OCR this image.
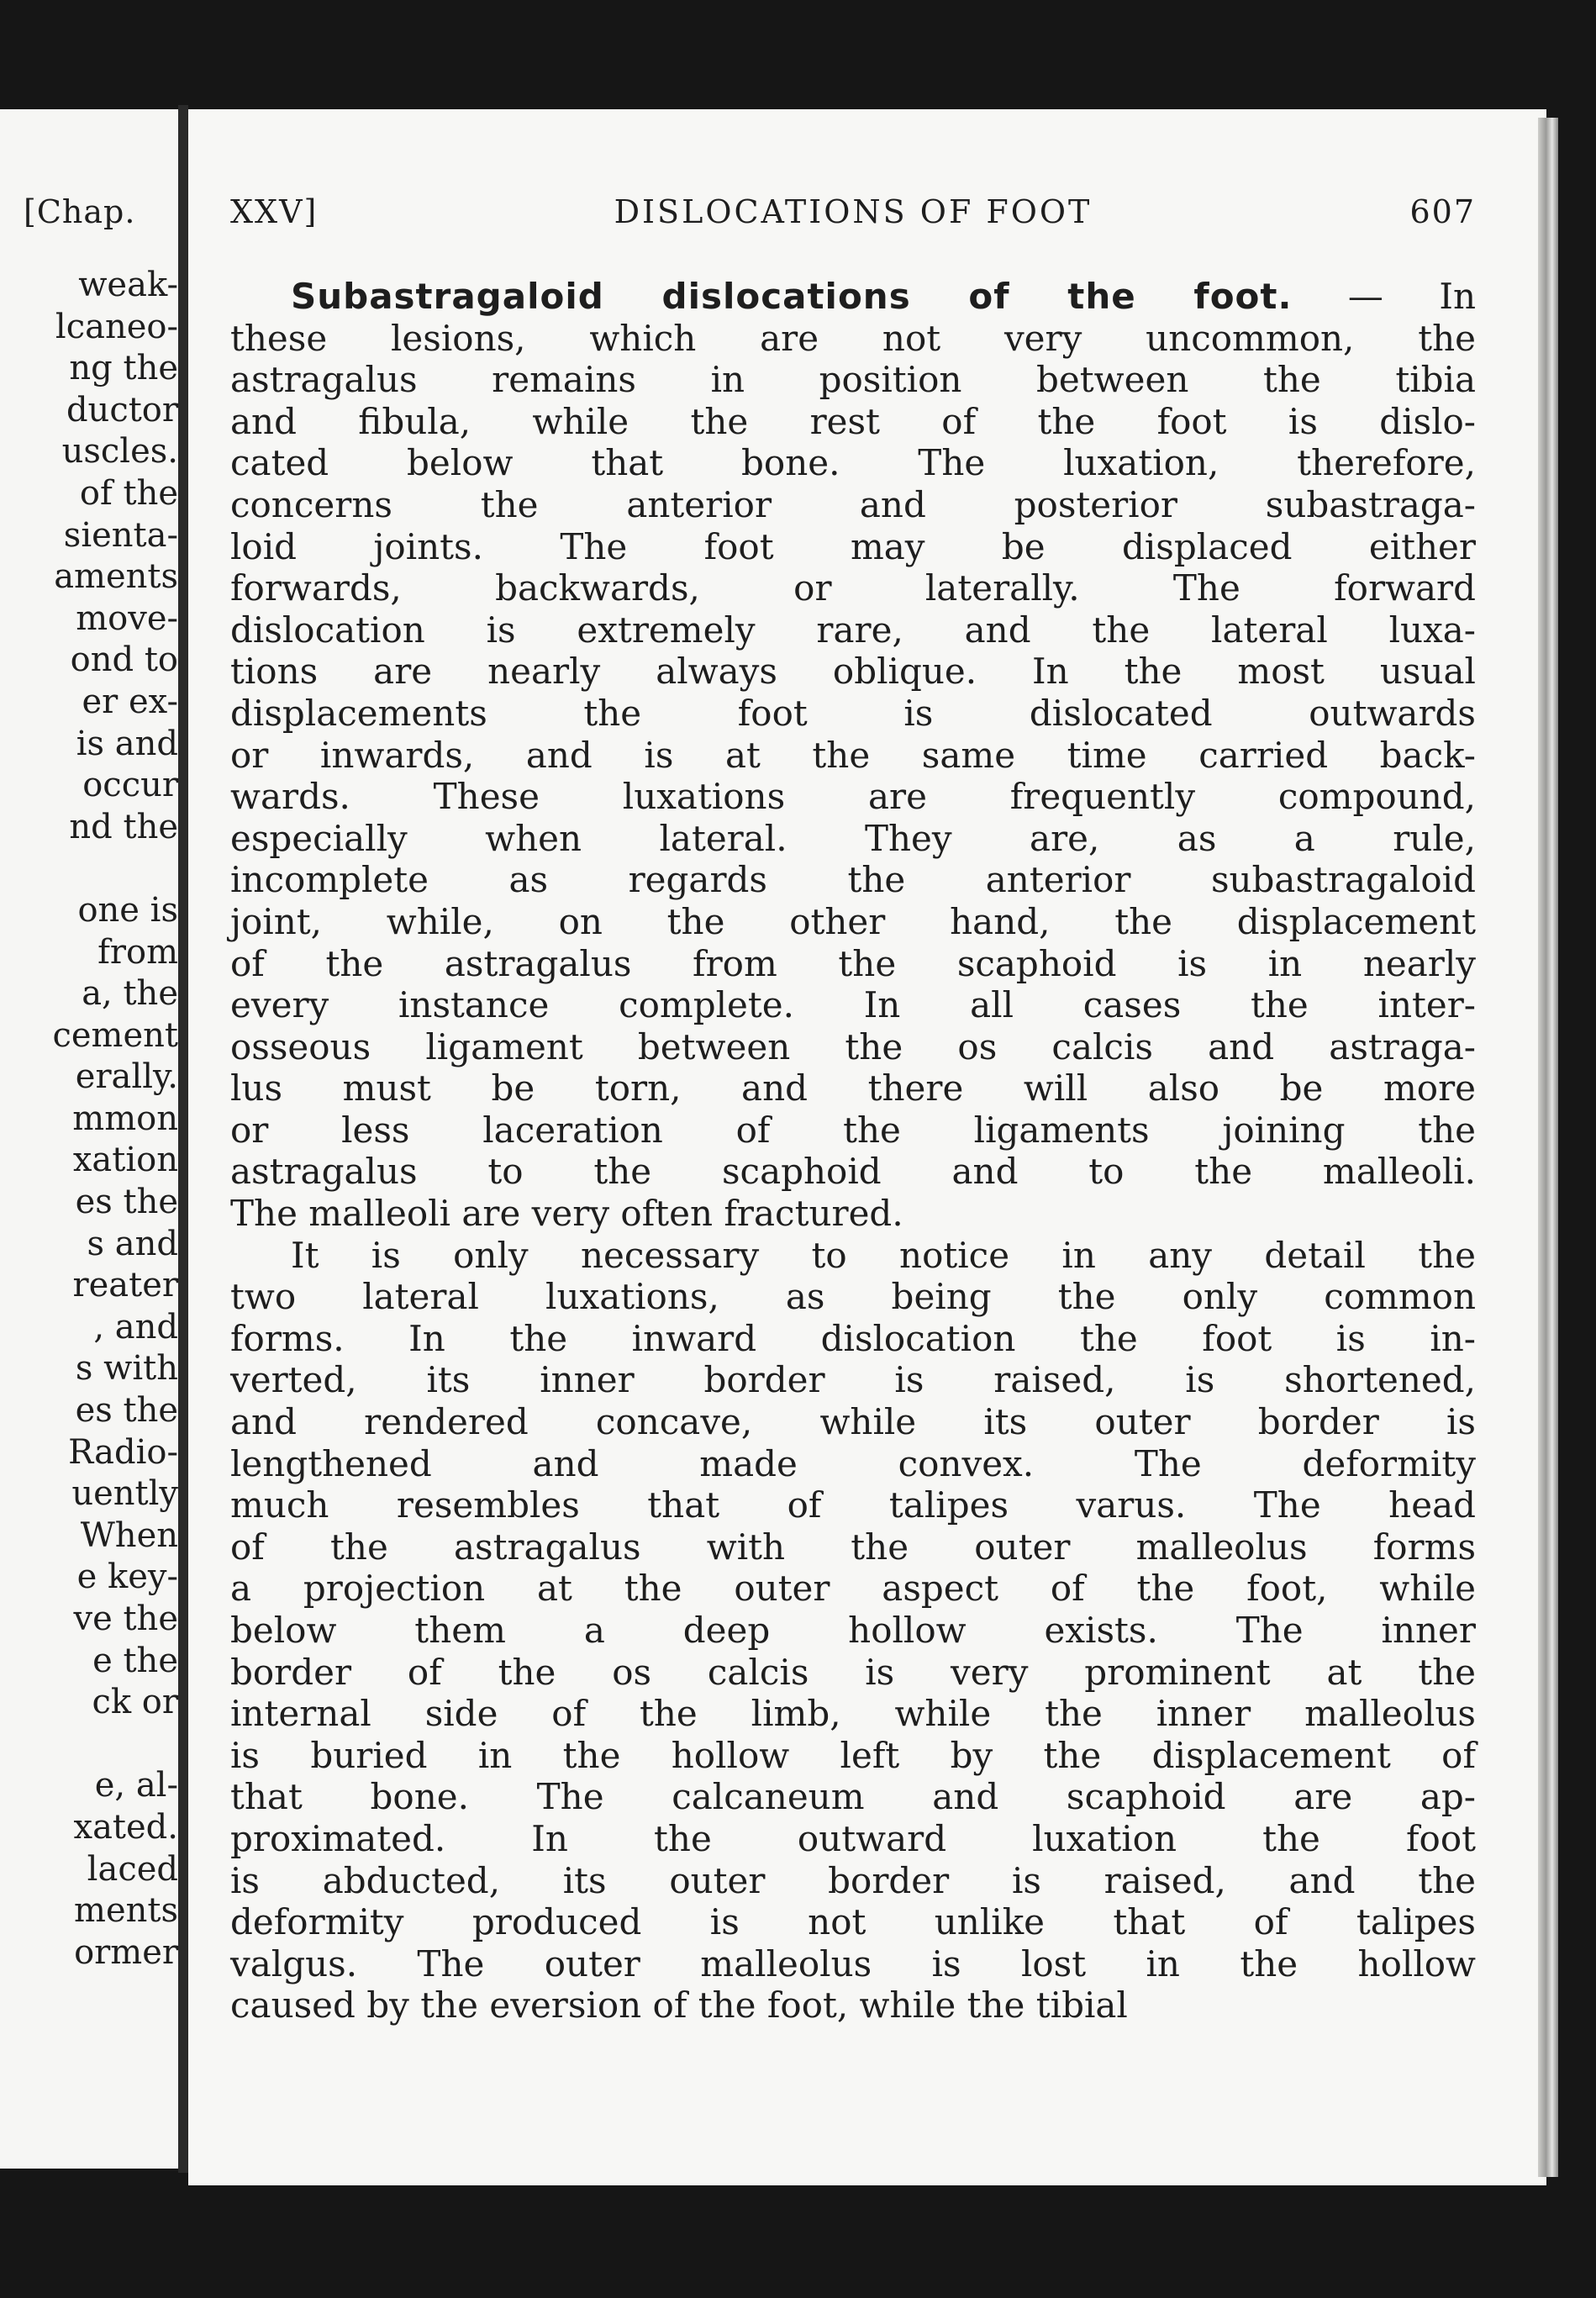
[Chap.
weak-
lcaneo-
ng the
ductor
uscles.
of the
sienta-
aments
move-
ond to
er ex-
is and
occur
nd the
one is
from
a, the
cement
erally.
mmon
xation
es the
s and
reater
, and
s with
es the
Radio-
uently
When
e key-
ve the
e the
ck or
e, al-
xated.
laced
ments
ormer
XXV]	DISLOCATIONS OF FOOT	607
Subastragaloid dislocations of the foot. — In
these lesions, which are not very uncommon, the
astragalus remains in position between the tibia
and fibula, while the rest of the foot is dislo-
cated below that bone. The luxation, therefore,
concerns the anterior and posterior subastraga-
loid joints. The foot may be displaced either
forwards, backwards, or laterally. The forward
dislocation is extremely rare, and the lateral luxa-
tions are nearly always oblique. In the most usual
displacements the foot is dislocated outwards
or inwards, and is at the same time carried back-
wards. These luxations are frequently compound,
especially when lateral. They are, as a rule,
incomplete as regards the anterior subastragaloid
joint, while, on the other hand, the displacement
of the astragalus from the scaphoid is in nearly
every instance complete. In all cases the inter-
osseous ligament between the os calcis and astraga-
lus must be torn, and there will also be more
or less laceration of the ligaments joining the
astragalus to the scaphoid and to the malleoli.
The malleoli are very often fractured.
It is only necessary to notice in any detail the
two lateral luxations, as being the only common
forms. In the inward dislocation the foot is in-
verted, its inner border is raised, is shortened,
and rendered concave, while its outer border is
lengthened and made convex. The deformity
much resembles that of talipes varus. The head
of the astragalus with the outer malleolus forms
a projection at the outer aspect of the foot, while
below them a deep hollow exists. The inner
border of the os calcis is very prominent at the
internal side of the limb, while the inner malleolus
is buried in the hollow left by the displacement of
that bone. The calcaneum and scaphoid are ap-
proximated. In the outward luxation the foot
is abducted, its outer border is raised, and the
deformity produced is not unlike that of talipes
valgus. The outer malleolus is lost in the hollow
caused by the eversion of the foot, while the tibial
